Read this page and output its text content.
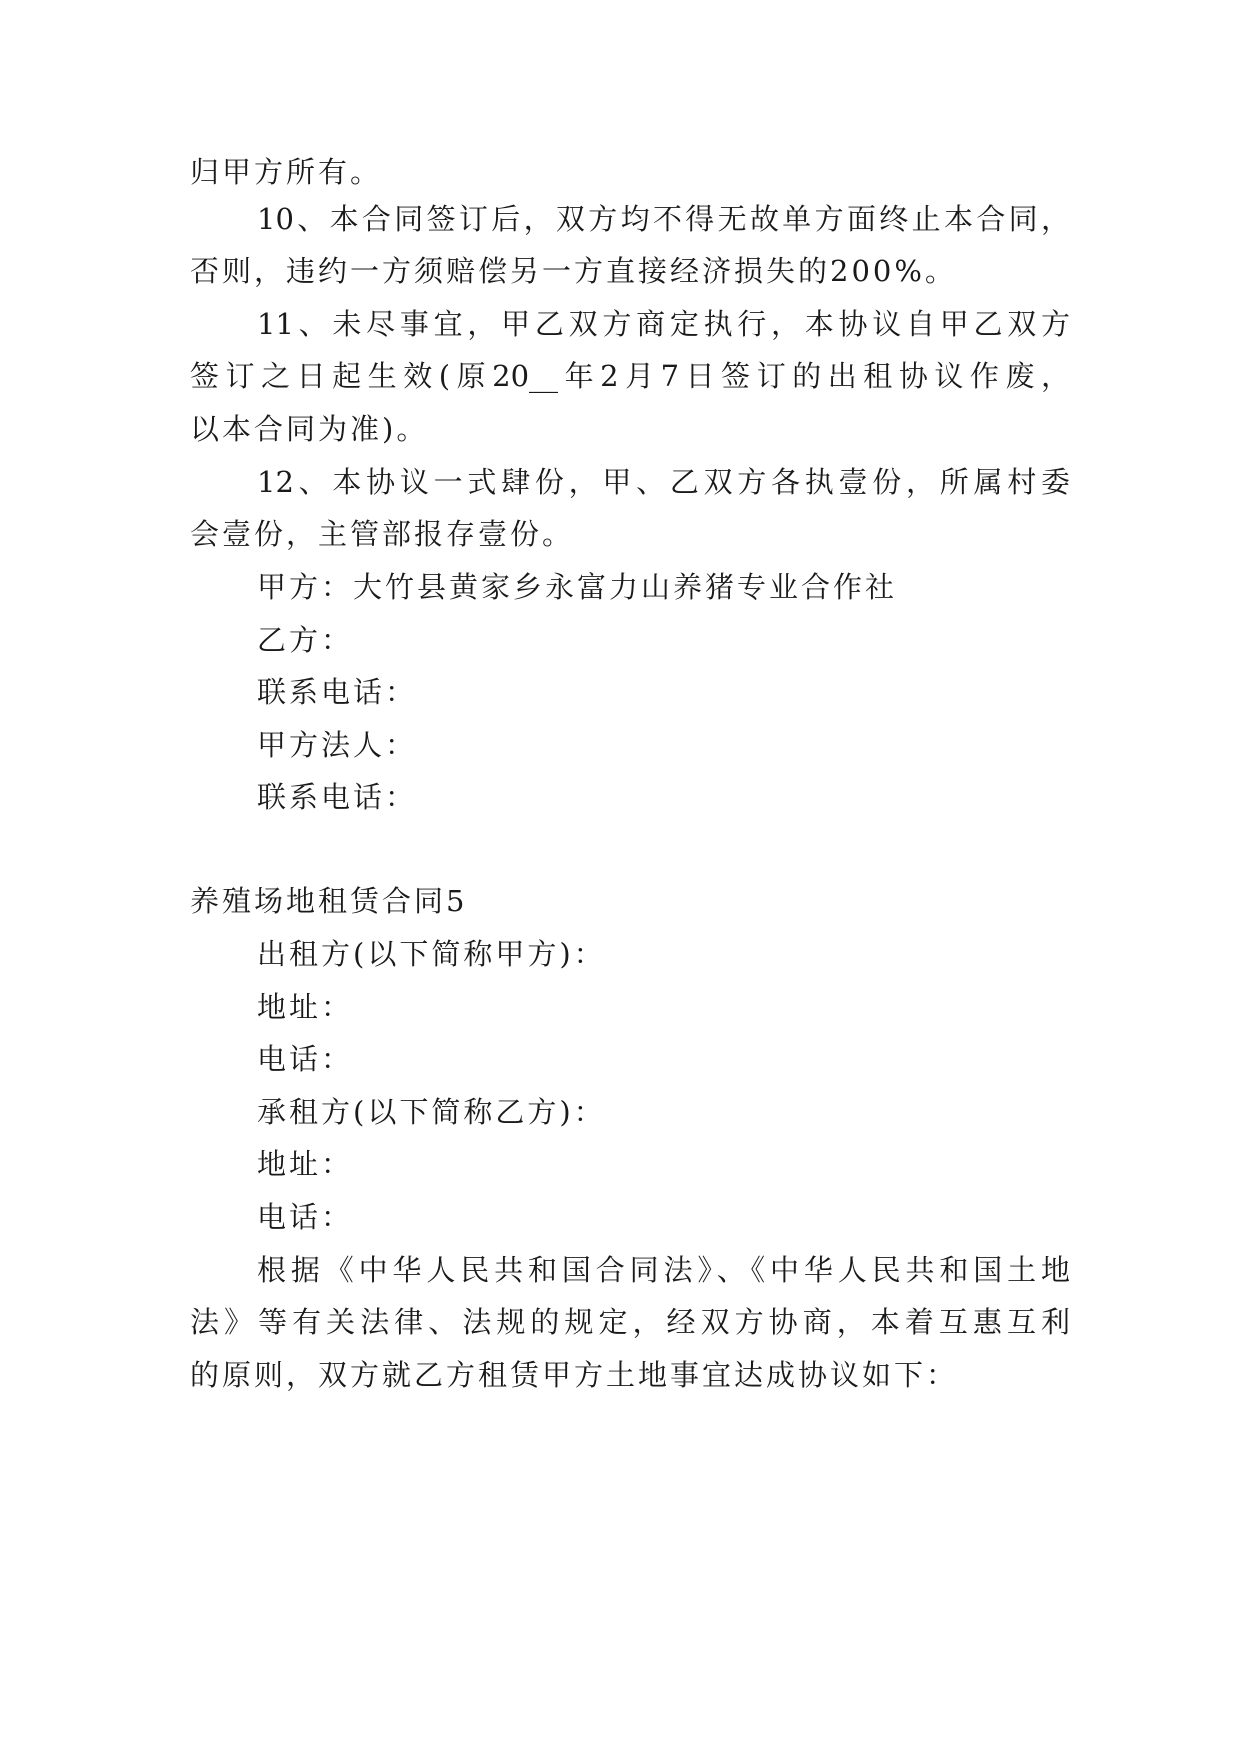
归甲方所有。
10、本合同签订后，双方均不得无故单方面终止本合同，
否则，违约一方须赔偿另一方直接经济损失的200%。
11、未尽事宜，甲乙双方商定执行，本协议自甲乙双方
签订之日起生效(原20__年2月7日签订的出租协议作废，
以本合同为准)。
12、本协议一式肆份，甲、乙双方各执壹份，所属村委
会壹份，主管部报存壹份。
甲方：大竹县黄家乡永富力山养猪专业合作社
乙方：
联系电话：
甲方法人：
联系电话：
养殖场地租赁合同5
出租方(以下简称甲方)：
地址：
电话：
承租方(以下简称乙方)：
地址：
电话：
根据《中华人民共和国合同法》、《中华人民共和国土地
法》等有关法律、法规的规定，经双方协商，本着互惠互利
的原则，双方就乙方租赁甲方土地事宜达成协议如下：
